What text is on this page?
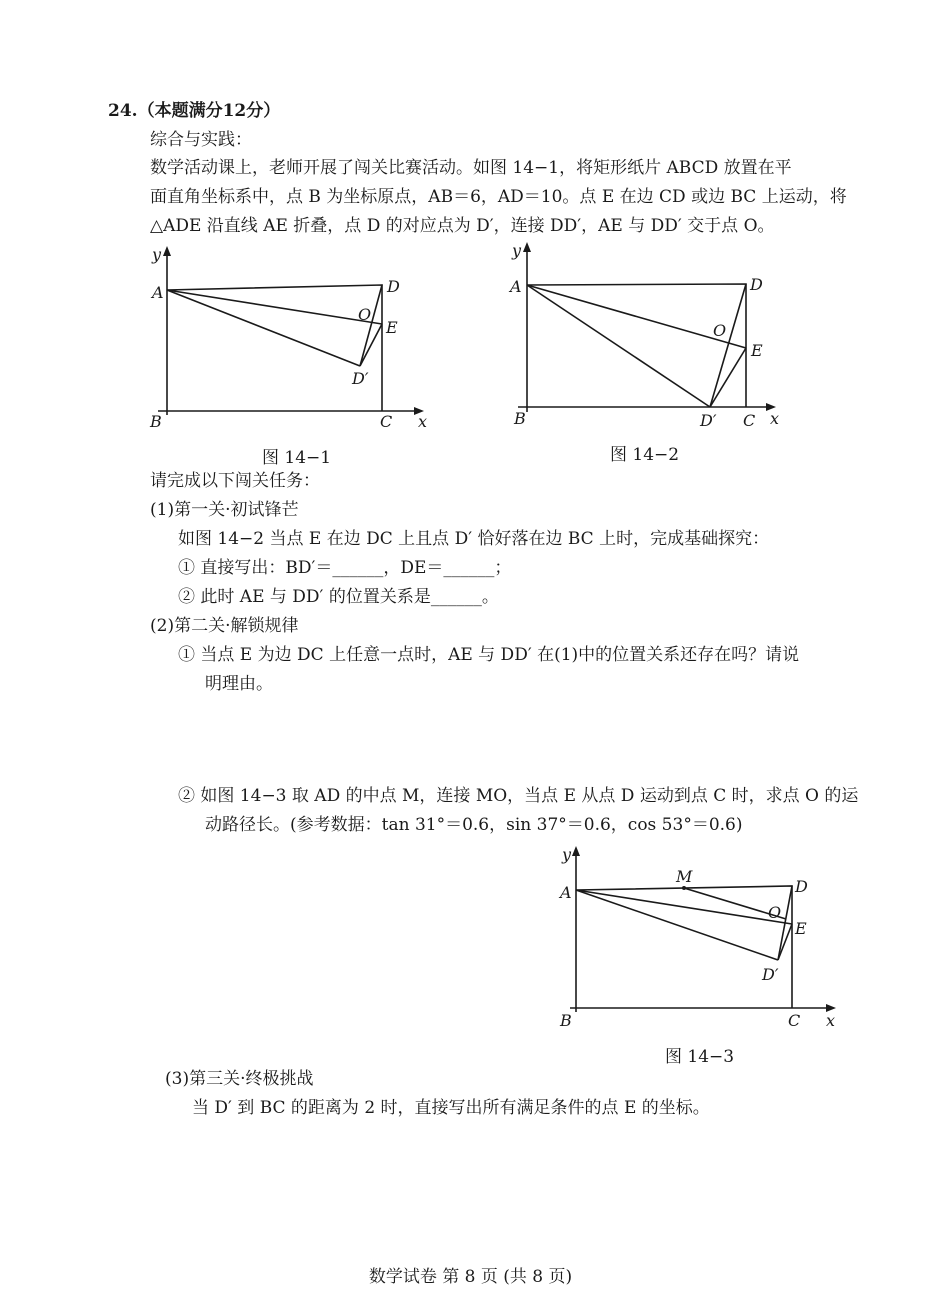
24.（本题满分12分）
综合与实践：
数学活动课上，老师开展了闯关比赛活动。如图 14−1，将矩形纸片 ABCD 放置在平
面直角坐标系中，点 B 为坐标原点，AB＝6，AD＝10。点 E 在边 CD 或边 BC 上运动，将
△ADE 沿直线 AE 折叠，点 D 的对应点为 D′，连接 DD′，AE 与 DD′ 交于点 O。
y
A	D
O
E
D′
B	C x
图 14−1
y
A	D
O
E
B	D′ C x
图 14−2
请完成以下闯关任务：
(1)第一关·初试锋芒
如图 14−2 当点 E 在边 DC 上且点 D′ 恰好落在边 BC 上时，完成基础探究：
① 直接写出：BD′＝______，DE＝______；
② 此时 AE 与 DD′ 的位置关系是______。
(2)第二关·解锁规律
① 当点 E 为边 DC 上任意一点时，AE 与 DD′ 在(1)中的位置关系还存在吗？请说
明理由。
② 如图 14−3 取 AD 的中点 M，连接 MO，当点 E 从点 D 运动到点 C 时，求点 O 的运
动路径长。(参考数据：tan 31°＝0.6，sin 37°＝0.6，cos 53°＝0.6)
y
A
M
D
O
E
D′
B	C x
图 14−3
(3)第三关·终极挑战
当 D′ 到 BC 的距离为 2 时，直接写出所有满足条件的点 E 的坐标。
数学试卷 第 8 页 (共 8 页)
